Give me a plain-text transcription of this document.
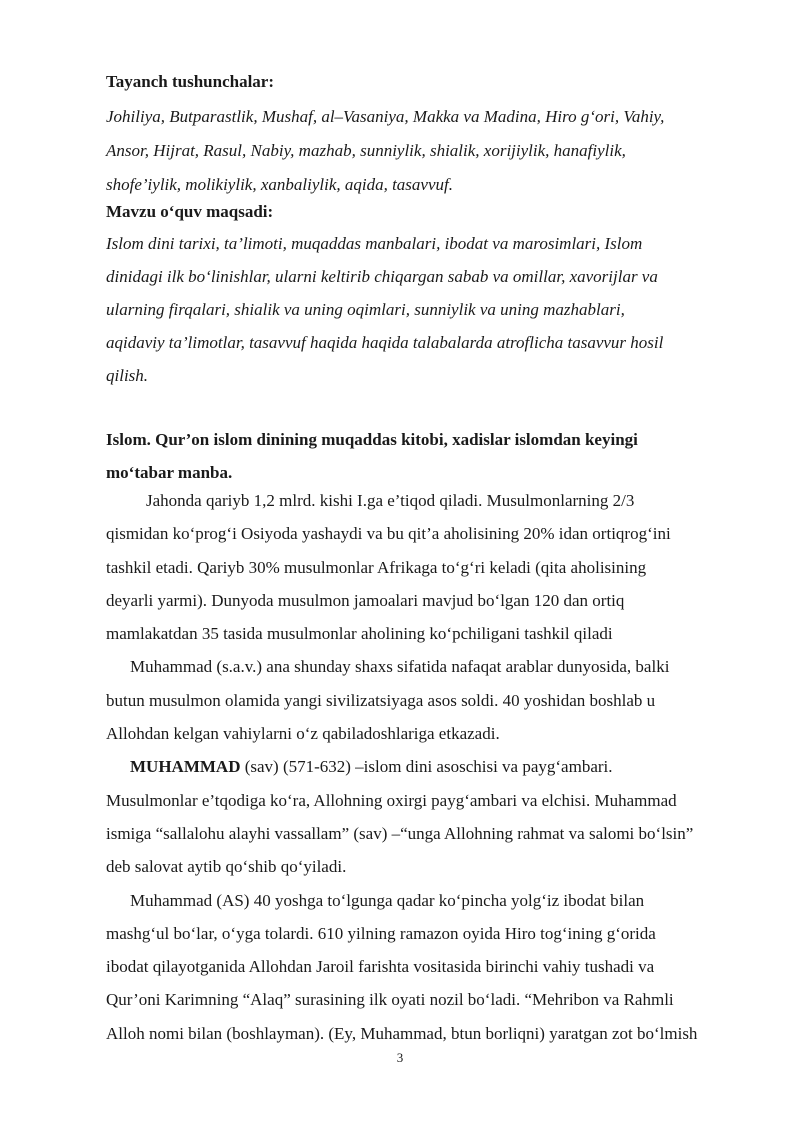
Tayanch tushunchalar:
Johiliya, Butparastlik, Mushaf, al–Vasaniya, Makka va Madina, Hiro g‘ori, Vahiy,
Ansor, Hijrat, Rasul, Nabiy, mazhab, sunniylik, shialik, xorijiylik, hanafiylik,
shofe’iylik, molikiylik, xanbaliylik, aqida, tasavvuf.
Mavzu o‘quv maqsadi:
Islom dini tarixi, ta’limoti, muqaddas manbalari, ibodat va marosimlari, Islom
dinidagi ilk bo‘linishlar, ularni keltirib chiqargan sabab va omillar, xavorijlar va
ularning firqalari, shialik va uning oqimlari, sunniylik va uning mazhablari,
aqidaviy ta’limotlar, tasavvuf haqida haqida talabalarda atroflicha tasavvur hosil
qilish.
Islom. Qur’on islom dinining muqaddas kitobi, xadislar islomdan keyingi
mo‘tabar manba.
Jahonda qariyb 1,2 mlrd. kishi I.ga e’tiqod qiladi. Musulmonlarning 2/3
qismidan ko‘prog‘i Osiyoda yashaydi va bu qit’a aholisining 20% idan ortiqrog‘ini
tashkil etadi. Qariyb 30% musulmonlar Afrikaga to‘g‘ri keladi (qita aholisining
deyarli yarmi). Dunyoda musulmon jamoalari mavjud bo‘lgan 120 dan ortiq
mamlakatdan 35 tasida musulmonlar aholining ko‘pchiligani tashkil qiladi
Muhammad (s.a.v.) ana shunday shaxs sifatida nafaqat arablar dunyosida, balki
butun musulmon olamida yangi sivilizatsiyaga asos soldi. 40 yoshidan boshlab u
Allohdan kelgan vahiylarni o‘z qabiladoshlariga etkazadi.
MUHAMMAD (sav) (571-632) –islom dini asoschisi va payg‘ambari.
Musulmonlar e’tqodiga ko‘ra, Allohning oxirgi payg‘ambari va elchisi. Muhammad
ismiga “sallalohu alayhi vassallam” (sav) –“unga Allohning rahmat va salomi bo‘lsin”
deb salovat aytib qo‘shib qo‘yiladi.
Muhammad (AS) 40 yoshga to‘lgunga qadar ko‘pincha yolg‘iz ibodat bilan
mashg‘ul bo‘lar, o‘yga tolardi. 610 yilning ramazon oyida Hiro tog‘ining g‘orida
ibodat qilayotganida Allohdan Jaroil farishta vositasida birinchi vahiy tushadi va
Qur’oni Karimning “Alaq” surasining ilk oyati nozil bo‘ladi. “Mehribon va Rahmli
Alloh nomi bilan (boshlayman). (Ey, Muhammad, btun borliqni) yaratgan zot bo‘lmish
3
